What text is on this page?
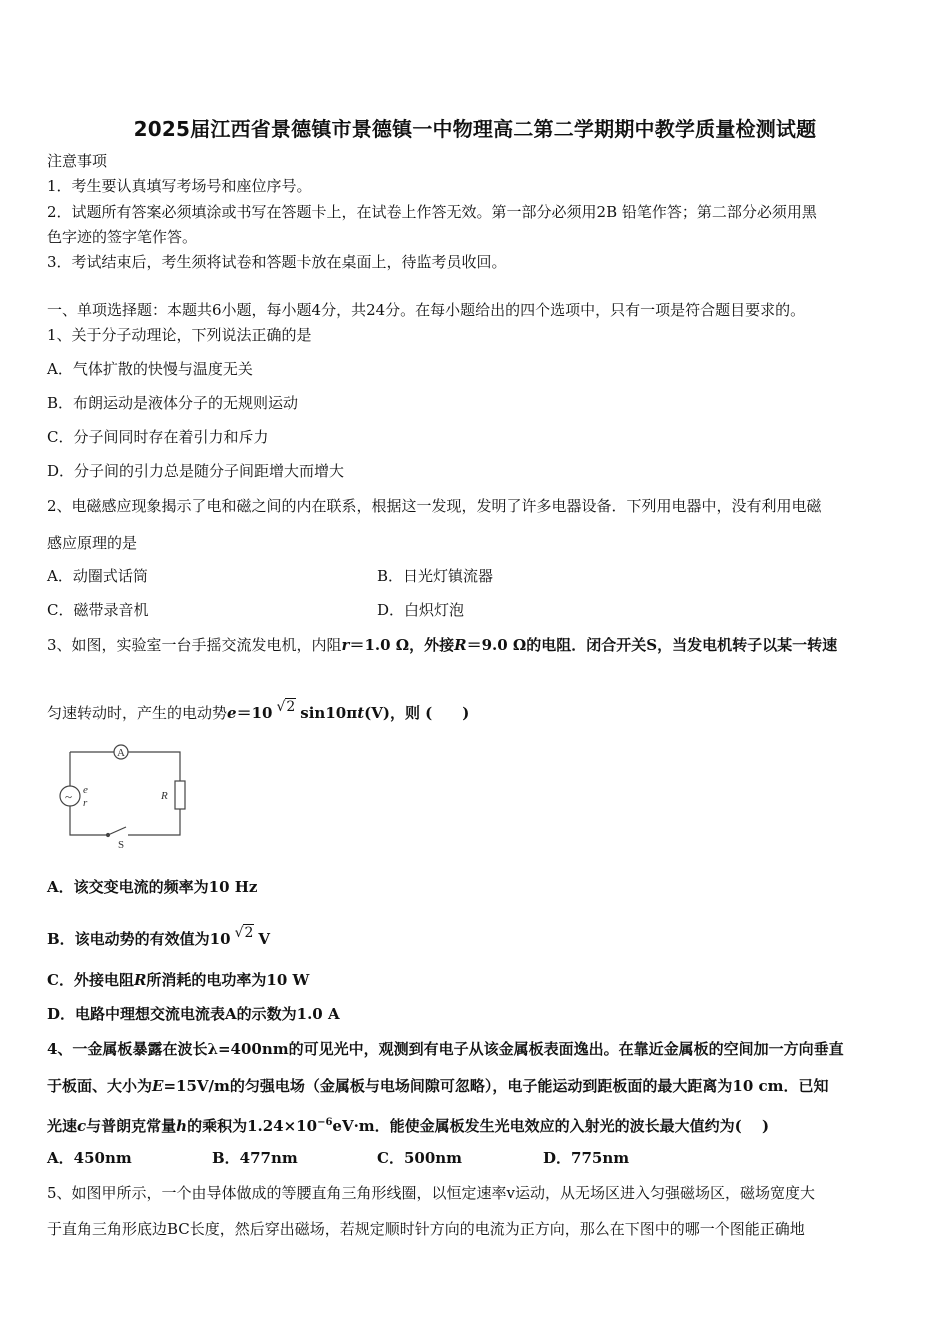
2025届江西省景德镇市景德镇一中物理高二第二学期期中教学质量检测试题
注意事项
1．考生要认真填写考场号和座位序号。
2．试题所有答案必须填涂或书写在答题卡上，在试卷上作答无效。第一部分必须用2B 铅笔作答；第二部分必须用黑
色字迹的签字笔作答。
3．考试结束后，考生须将试卷和答题卡放在桌面上，待监考员收回。
一、单项选择题：本题共6小题，每小题4分，共24分。在每小题给出的四个选项中，只有一项是符合题目要求的。
1、关于分子动理论，下列说法正确的是
A．气体扩散的快慢与温度无关
B．布朗运动是液体分子的无规则运动
C．分子间同时存在着引力和斥力
D．分子间的引力总是随分子间距增大而增大
2、电磁感应现象揭示了电和磁之间的内在联系，根据这一发现，发明了许多电器设备．下列用电器中，没有利用电磁
感应原理的是
A．动圈式话筒	B．日光灯镇流器
C．磁带录音机	D．白炽灯泡
3、如图，实验室一台手摇交流发电机，内阻r＝1.0 Ω，外接R＝9.0 Ω的电阻．闭合开关S，当发电机转子以某一转速
匀速转动时，产生的电动势e＝10 √2 sin10πt(V)，则 (　　)
A
~ e
r
R
S
A．该交变电流的频率为10 Hz
B．该电动势的有效值为10 √2 V
C．外接电阻R所消耗的电功率为10 W
D．电路中理想交流电流表A的示数为1.0 A
4、一金属板暴露在波长λ=400nm的可见光中，观测到有电子从该金属板表面逸出。在靠近金属板的空间加一方向垂直
于板面、大小为E=15V/m的匀强电场（金属板与电场间隙可忽略），电子能运动到距板面的最大距离为10 cm．已知
光速c与普朗克常量h的乘积为$1.24\times 10^{-6}eV\cdot m$．能使金属板发生光电效应的入射光的波长最大值约为(　 )
A．450nm	B．477nm	C．500nm	D．775nm
5、如图甲所示，一个由导体做成的等腰直角三角形线圈，以恒定速率v运动，从无场区进入匀强磁场区，磁场宽度大
于直角三角形底边BC长度，然后穿出磁场，若规定顺时针方向的电流为正方向，那么在下图中的哪一个图能正确地
